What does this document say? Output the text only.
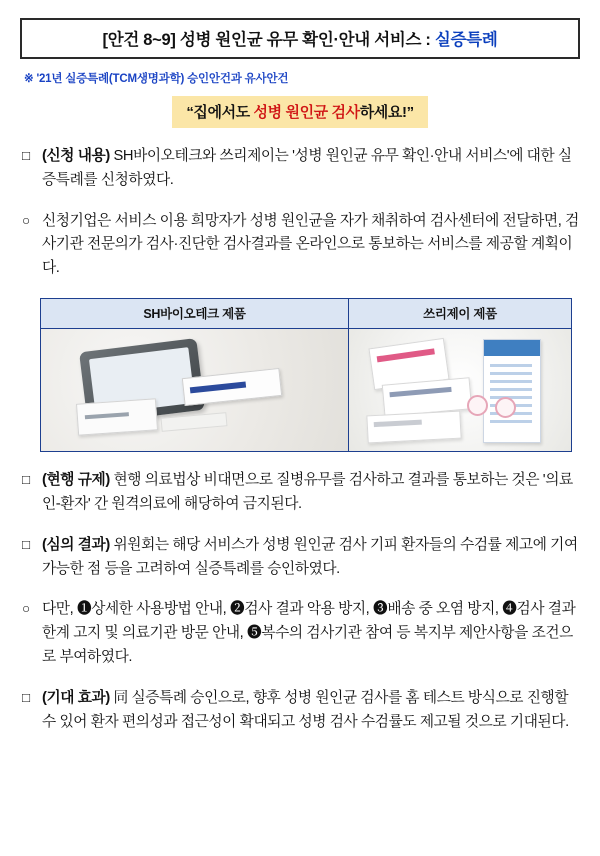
[안건 8~9] 성병 원인균 유무 확인·안내 서비스 : 실증특례
※ '21년 실증특례(TCM생명과학) 승인안건과 유사안건
“집에서도 성병 원인균 검사하세요!”
□ (신청 내용) SH바이오테크와 쓰리제이는 '성병 원인균 유무 확인·안내 서비스'에 대한 실증특례를 신청하였다.
○ 신청기업은 서비스 이용 희망자가 성병 원인균을 자가 채취하여 검사센터에 전달하면, 검사기관 전문의가 검사·진단한 검사결과를 온라인으로 통보하는 서비스를 제공할 계획이다.
SH바이오테크 제품	쓰리제이 제품

□ (현행 규제) 현행 의료법상 비대면으로 질병유무를 검사하고 결과를 통보하는 것은 '의료인-환자' 간 원격의료에 해당하여 금지된다.
□ (심의 결과) 위원회는 해당 서비스가 성병 원인균 검사 기피 환자들의 수검률 제고에 기여 가능한 점 등을 고려하여 실증특례를 승인하였다.
○ 다만, ❶상세한 사용방법 안내, ❷검사 결과 악용 방지, ❸배송 중 오염 방지, ❹검사 결과 한계 고지 및 의료기관 방문 안내, ❺복수의 검사기관 참여 등 복지부 제안사항을 조건으로 부여하였다.
□ (기대 효과) 同 실증특례 승인으로, 향후 성병 원인균 검사를 홈 테스트 방식으로 진행할 수 있어 환자 편의성과 접근성이 확대되고 성병 검사 수검률도 제고될 것으로 기대된다.
